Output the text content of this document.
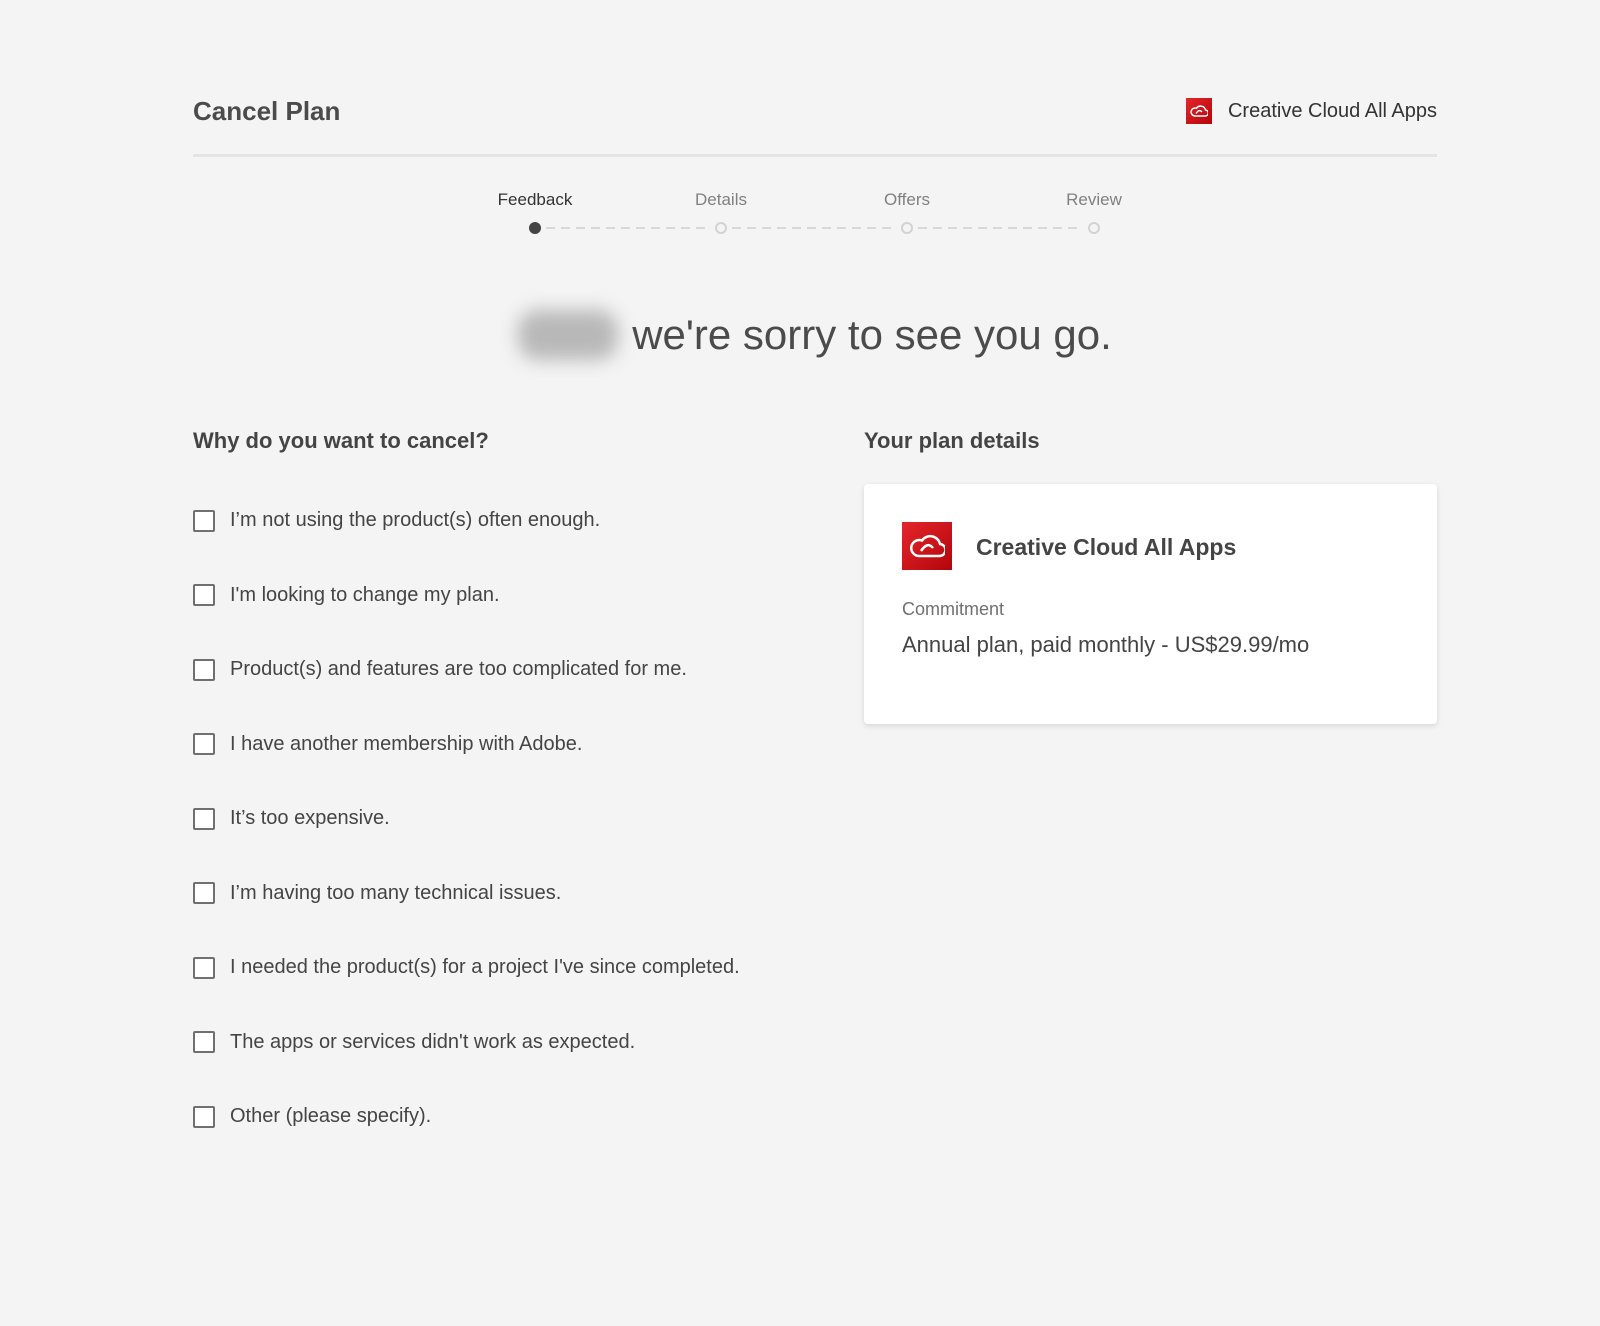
Cancel Plan	Creative Cloud All Apps
Feedback	Details	Offers	Review
we're sorry to see you go.
Why do you want to cancel?
I’m not using the product(s) often enough.
I'm looking to change my plan.
Product(s) and features are too complicated for me.
I have another membership with Adobe.
It’s too expensive.
I’m having too many technical issues.
I needed the product(s) for a project I've since completed.
The apps or services didn't work as expected.
Other (please specify).
Your plan details
Creative Cloud All Apps
Commitment
Annual plan, paid monthly - US$29.99/mo
